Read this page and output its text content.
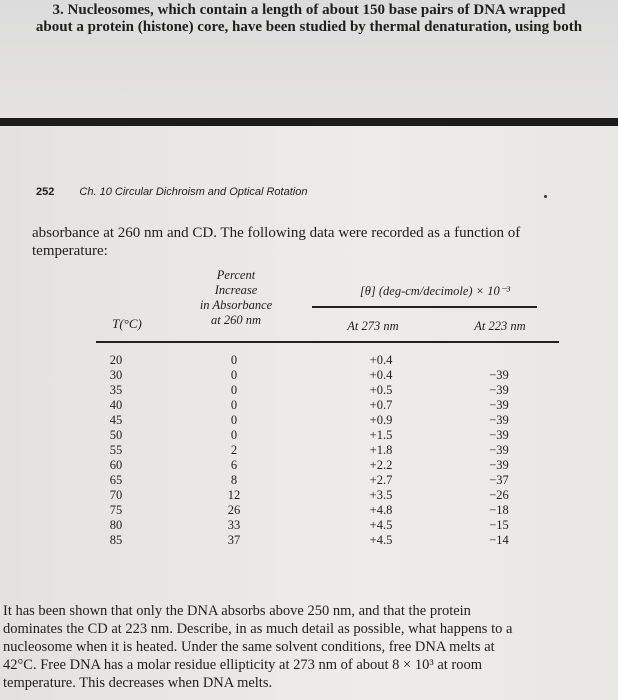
3. Nucleosomes, which contain a length of about 150 base pairs of DNA wrapped
about a protein (histone) core, have been studied by thermal denaturation, using both
252 Ch. 10 Circular Dichroism and Optical Rotation
absorbance at 260 nm and CD. The following data were recorded as a function of
temperature:
Percent
Increase
in Absorbance
at 260 nm
[θ] (deg-cm/decimole) × 10⁻³
T(°C)	At 273 nm	At 223 nm
20
30
35
40
45
50
55
60
65
70
75
80
85
0
0
0
0
0
0
2
6
8
12
26
33
37
+0.4
+0.4
+0.5
+0.7
+0.9
+1.5
+1.8
+2.2
+2.7
+3.5
+4.8
+4.5
+4.5

−39
−39
−39
−39
−39
−39
−39
−37
−26
−18
−15
−14
It has been shown that only the DNA absorbs above 250 nm, and that the protein
dominates the CD at 223 nm. Describe, in as much detail as possible, what happens to a
nucleosome when it is heated. Under the same solvent conditions, free DNA melts at
42°C. Free DNA has a molar residue ellipticity at 273 nm of about 8 × 10³ at room
temperature. This decreases when DNA melts.
